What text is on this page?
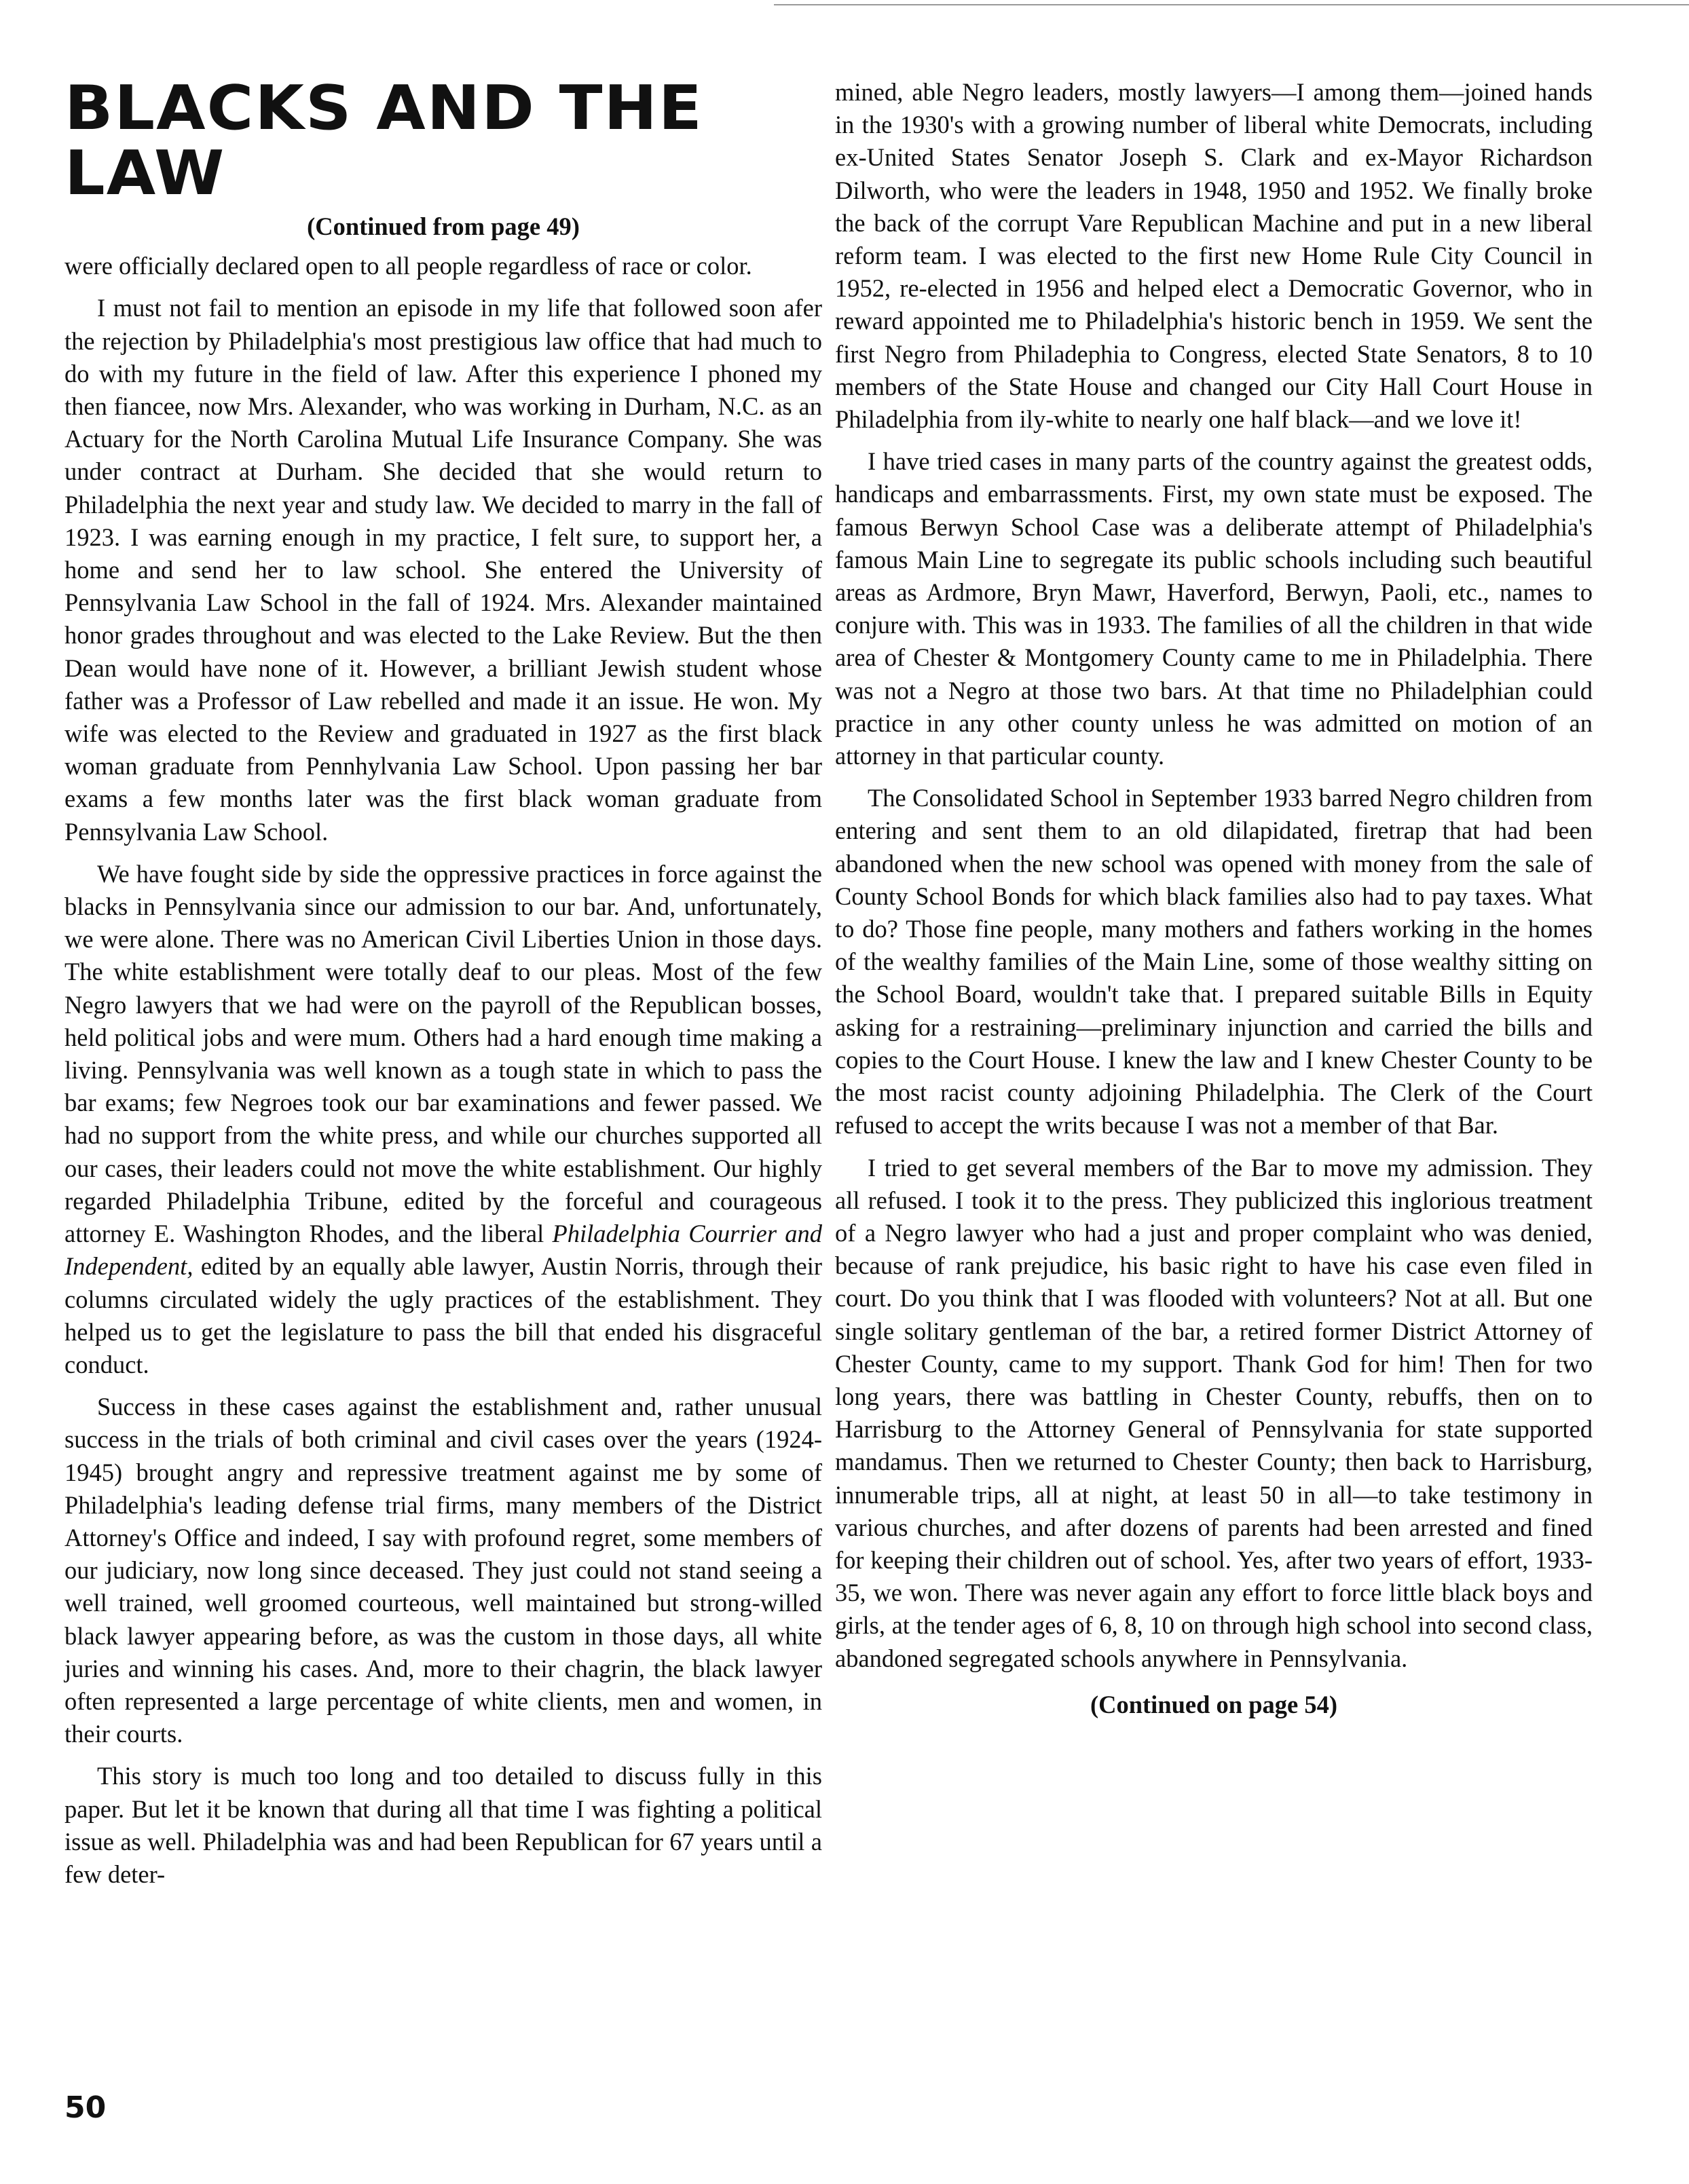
BLACKS AND THE LAW
(Continued from page 49)

were officially declared open to all people regardless of race or color.

I must not fail to mention an episode in my life that followed soon afer the rejection by Philadelphia's most prestigious law office that had much to do with my future in the field of law. After this experience I phoned my then fiancee, now Mrs. Alexander, who was working in Durham, N.C. as an Actuary for the North Carolina Mutual Life Insurance Company. She was under contract at Durham. She decided that she would return to Philadelphia the next year and study law. We decided to marry in the fall of 1923. I was earning enough in my practice, I felt sure, to support her, a home and send her to law school. She entered the University of Pennsylvania Law School in the fall of 1924. Mrs. Alexander maintained honor grades throughout and was elected to the Lake Review. But the then Dean would have none of it. However, a brilliant Jewish student whose father was a Professor of Law rebelled and made it an issue. He won. My wife was elected to the Review and graduated in 1927 as the first black woman graduate from Pennhylvania Law School. Upon passing her bar exams a few months later was the first black woman graduate from Pennsylvania Law School.

We have fought side by side the oppressive practices in force against the blacks in Pennsylvania since our admission to our bar. And, unfortunately, we were alone. There was no American Civil Liberties Union in those days. The white establishment were totally deaf to our pleas. Most of the few Negro lawyers that we had were on the payroll of the Republican bosses, held political jobs and were mum. Others had a hard enough time making a living. Pennsylvania was well known as a tough state in which to pass the bar exams; few Negroes took our bar examinations and fewer passed. We had no support from the white press, and while our churches supported all our cases, their leaders could not move the white establishment. Our highly regarded Philadelphia Tribune, edited by the forceful and courageous attorney E. Washington Rhodes, and the liberal Philadelphia Courrier and Independent, edited by an equally able lawyer, Austin Norris, through their columns circulated widely the ugly practices of the establishment. They helped us to get the legislature to pass the bill that ended his disgraceful conduct.

Success in these cases against the establishment and, rather unusual success in the trials of both criminal and civil cases over the years (1924-1945) brought angry and repressive treatment against me by some of Philadelphia's leading defense trial firms, many members of the District Attorney's Office and indeed, I say with profound regret, some members of our judiciary, now long since deceased. They just could not stand seeing a well trained, well groomed courteous, well maintained but strong-willed black lawyer appearing before, as was the custom in those days, all white juries and winning his cases. And, more to their chagrin, the black lawyer often represented a large percentage of white clients, men and women, in their courts.

This story is much too long and too detailed to discuss fully in this paper. But let it be known that during all that time I was fighting a political issue as well. Philadelphia was and had been Republican for 67 years until a few deter-

mined, able Negro leaders, mostly lawyers—I among them—joined hands in the 1930's with a growing number of liberal white Democrats, including ex-United States Senator Joseph S. Clark and ex-Mayor Richardson Dilworth, who were the leaders in 1948, 1950 and 1952. We finally broke the back of the corrupt Vare Republican Machine and put in a new liberal reform team. I was elected to the first new Home Rule City Council in 1952, re-elected in 1956 and helped elect a Democratic Governor, who in reward appointed me to Philadelphia's historic bench in 1959. We sent the first Negro from Philadephia to Congress, elected State Senators, 8 to 10 members of the State House and changed our City Hall Court House in Philadelphia from ily-white to nearly one half black—and we love it!

I have tried cases in many parts of the country against the greatest odds, handicaps and embarrassments. First, my own state must be exposed. The famous Berwyn School Case was a deliberate attempt of Philadelphia's famous Main Line to segregate its public schools including such beautiful areas as Ardmore, Bryn Mawr, Haverford, Berwyn, Paoli, etc., names to conjure with. This was in 1933. The families of all the children in that wide area of Chester & Montgomery County came to me in Philadelphia. There was not a Negro at those two bars. At that time no Philadelphian could practice in any other county unless he was admitted on motion of an attorney in that particular county.

The Consolidated School in September 1933 barred Negro children from entering and sent them to an old dilapidated, firetrap that had been abandoned when the new school was opened with money from the sale of County School Bonds for which black families also had to pay taxes. What to do? Those fine people, many mothers and fathers working in the homes of the wealthy families of the Main Line, some of those wealthy sitting on the School Board, wouldn't take that. I prepared suitable Bills in Equity asking for a restraining—preliminary injunction and carried the bills and copies to the Court House. I knew the law and I knew Chester County to be the most racist county adjoining Philadelphia. The Clerk of the Court refused to accept the writs because I was not a member of that Bar.

I tried to get several members of the Bar to move my admission. They all refused. I took it to the press. They publicized this inglorious treatment of a Negro lawyer who had a just and proper complaint who was denied, because of rank prejudice, his basic right to have his case even filed in court. Do you think that I was flooded with volunteers? Not at all. But one single solitary gentleman of the bar, a retired former District Attorney of Chester County, came to my support. Thank God for him! Then for two long years, there was battling in Chester County, rebuffs, then on to Harrisburg to the Attorney General of Pennsylvania for state supported mandamus. Then we returned to Chester County; then back to Harrisburg, innumerable trips, all at night, at least 50 in all—to take testimony in various churches, and after dozens of parents had been arrested and fined for keeping their children out of school. Yes, after two years of effort, 1933-35, we won. There was never again any effort to force little black boys and girls, at the tender ages of 6, 8, 10 on through high school into second class, abandoned segregated schools anywhere in Pennsylvania.

(Continued on page 54)
50
